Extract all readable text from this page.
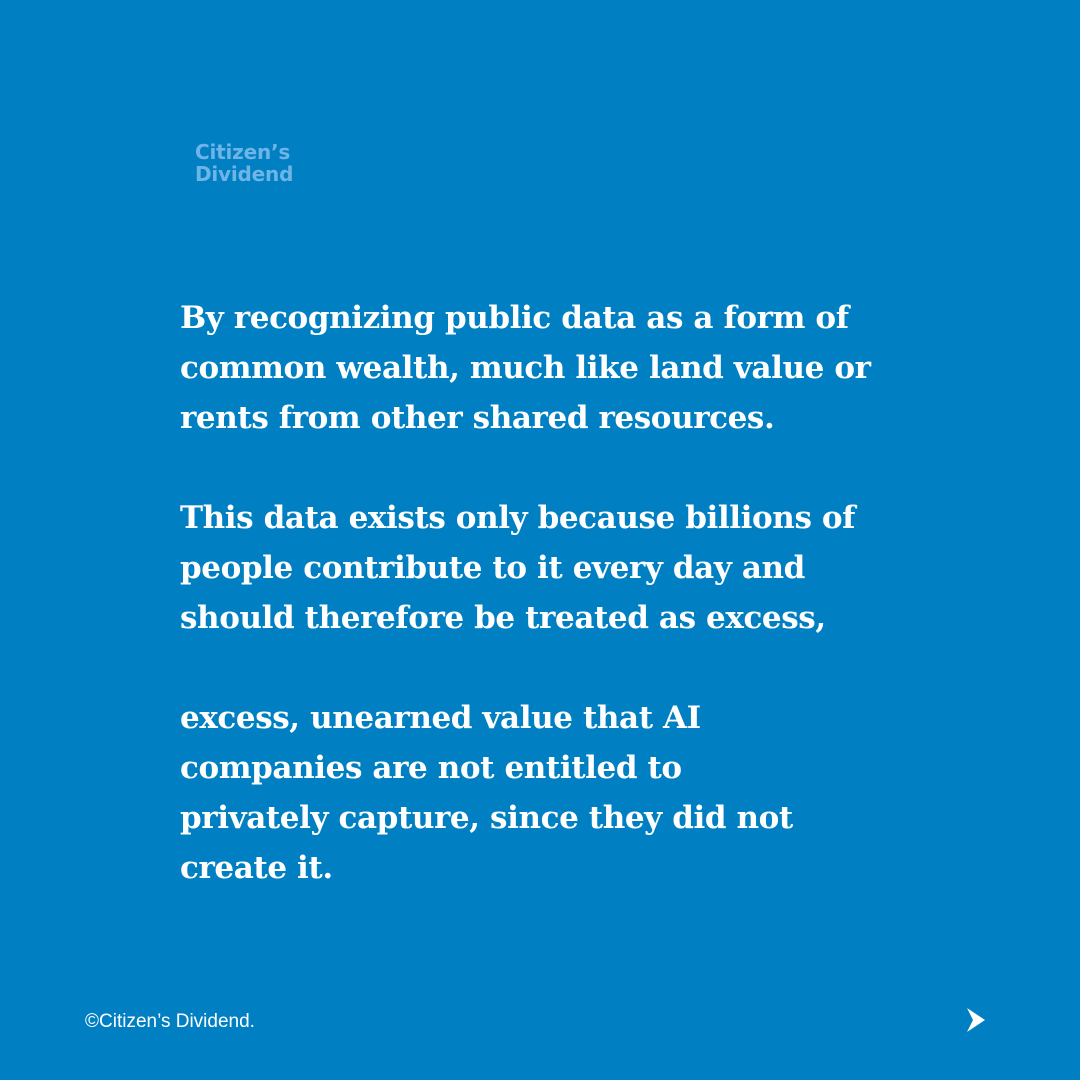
Citizen’s
Dividend

By recognizing public data as a form of
common wealth, much like land value or
rents from other shared resources.

This data exists only because billions of
people contribute to it every day and
should therefore be treated as excess,

excess, unearned value that AI
companies are not entitled to
privately capture, since they did not
create it.

©Citizen’s Dividend.
